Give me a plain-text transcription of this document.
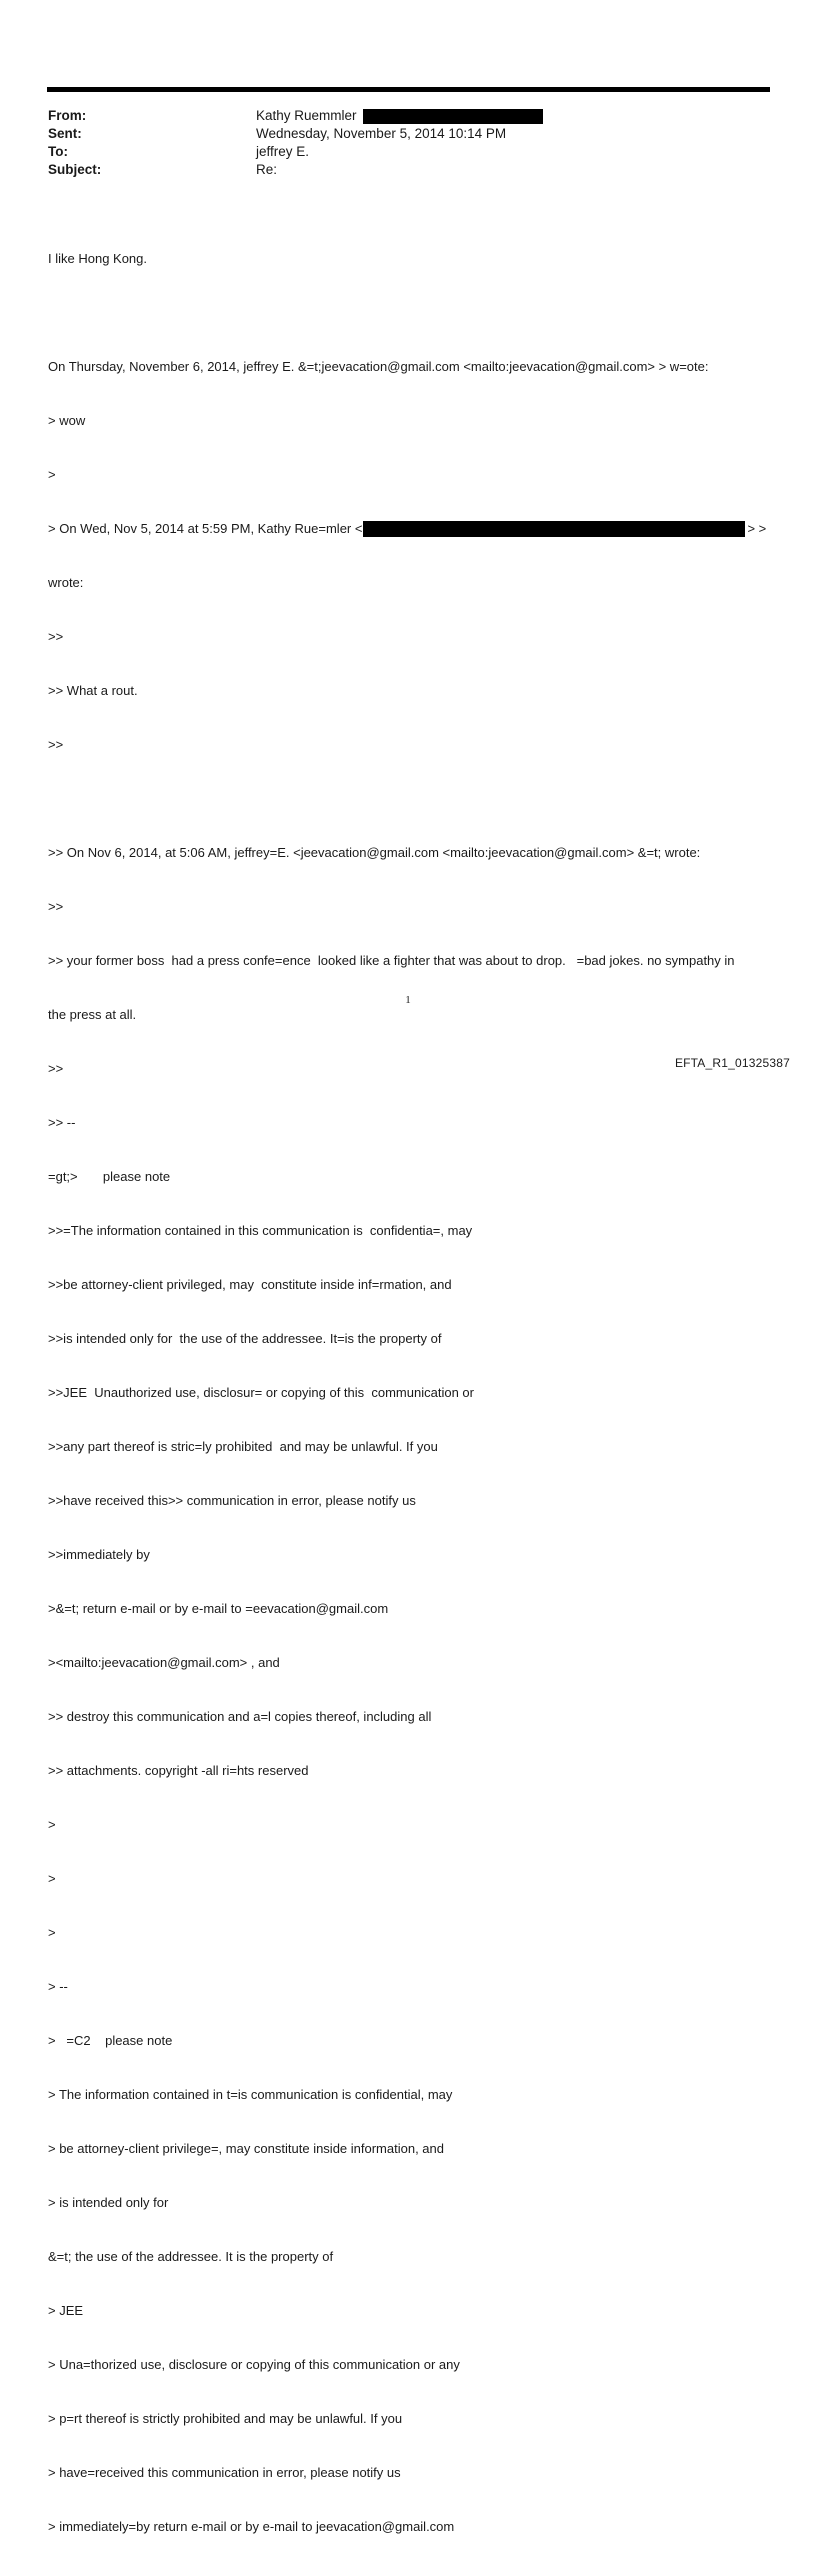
From:	Kathy Ruemmler
Sent:	Wednesday, November 5, 2014 10:14 PM
To:	jeffrey E.
Subject:	Re:

I like Hong Kong.

On Thursday, November 6, 2014, jeffrey E. &=t;jeevacation@gmail.com <mailto:jeevacation@gmail.com> > w=ote:

> wow

>

> On Wed, Nov 5, 2014 at 5:59 PM, Kathy Rue=mler <	> >

wrote:

>>

>> What a rout.

>>

>> On Nov 6, 2014, at 5:06 AM, jeffrey=E. <jeevacation@gmail.com <mailto:jeevacation@gmail.com> &=t; wrote:

>>

>> your former boss  had a press confe=ence  looked like a fighter that was about to drop.   =bad jokes. no sympathy in

the press at all.

>>

>> --

=gt;>       please note

>>=The information contained in this communication is  confidentia=, may

>>be attorney-client privileged, may  constitute inside inf=rmation, and

>>is intended only for  the use of the addressee. It=is the property of

>>JEE  Unauthorized use, disclosur= or copying of this  communication or

>>any part thereof is stric=ly prohibited  and may be unlawful. If you

>>have received this>> communication in error, please notify us

>>immediately by

>&=t; return e-mail or by e-mail to =eevacation@gmail.com

><mailto:jeevacation@gmail.com> , and

>> destroy this communication and a=l copies thereof, including all

>> attachments. copyright -all ri=hts reserved

>

>

>

> --

>   =C2    please note

> The information contained in t=is communication is confidential, may

> be attorney-client privilege=, may constitute inside information, and

> is intended only for

&=t; the use of the addressee. It is the property of

> JEE

> Una=thorized use, disclosure or copying of this communication or any

> p=rt thereof is strictly prohibited and may be unlawful. If you

> have=received this communication in error, please notify us

> immediately=by return e-mail or by e-mail to jeevacation@gmail.com

1
EFTA_R1_01325387
